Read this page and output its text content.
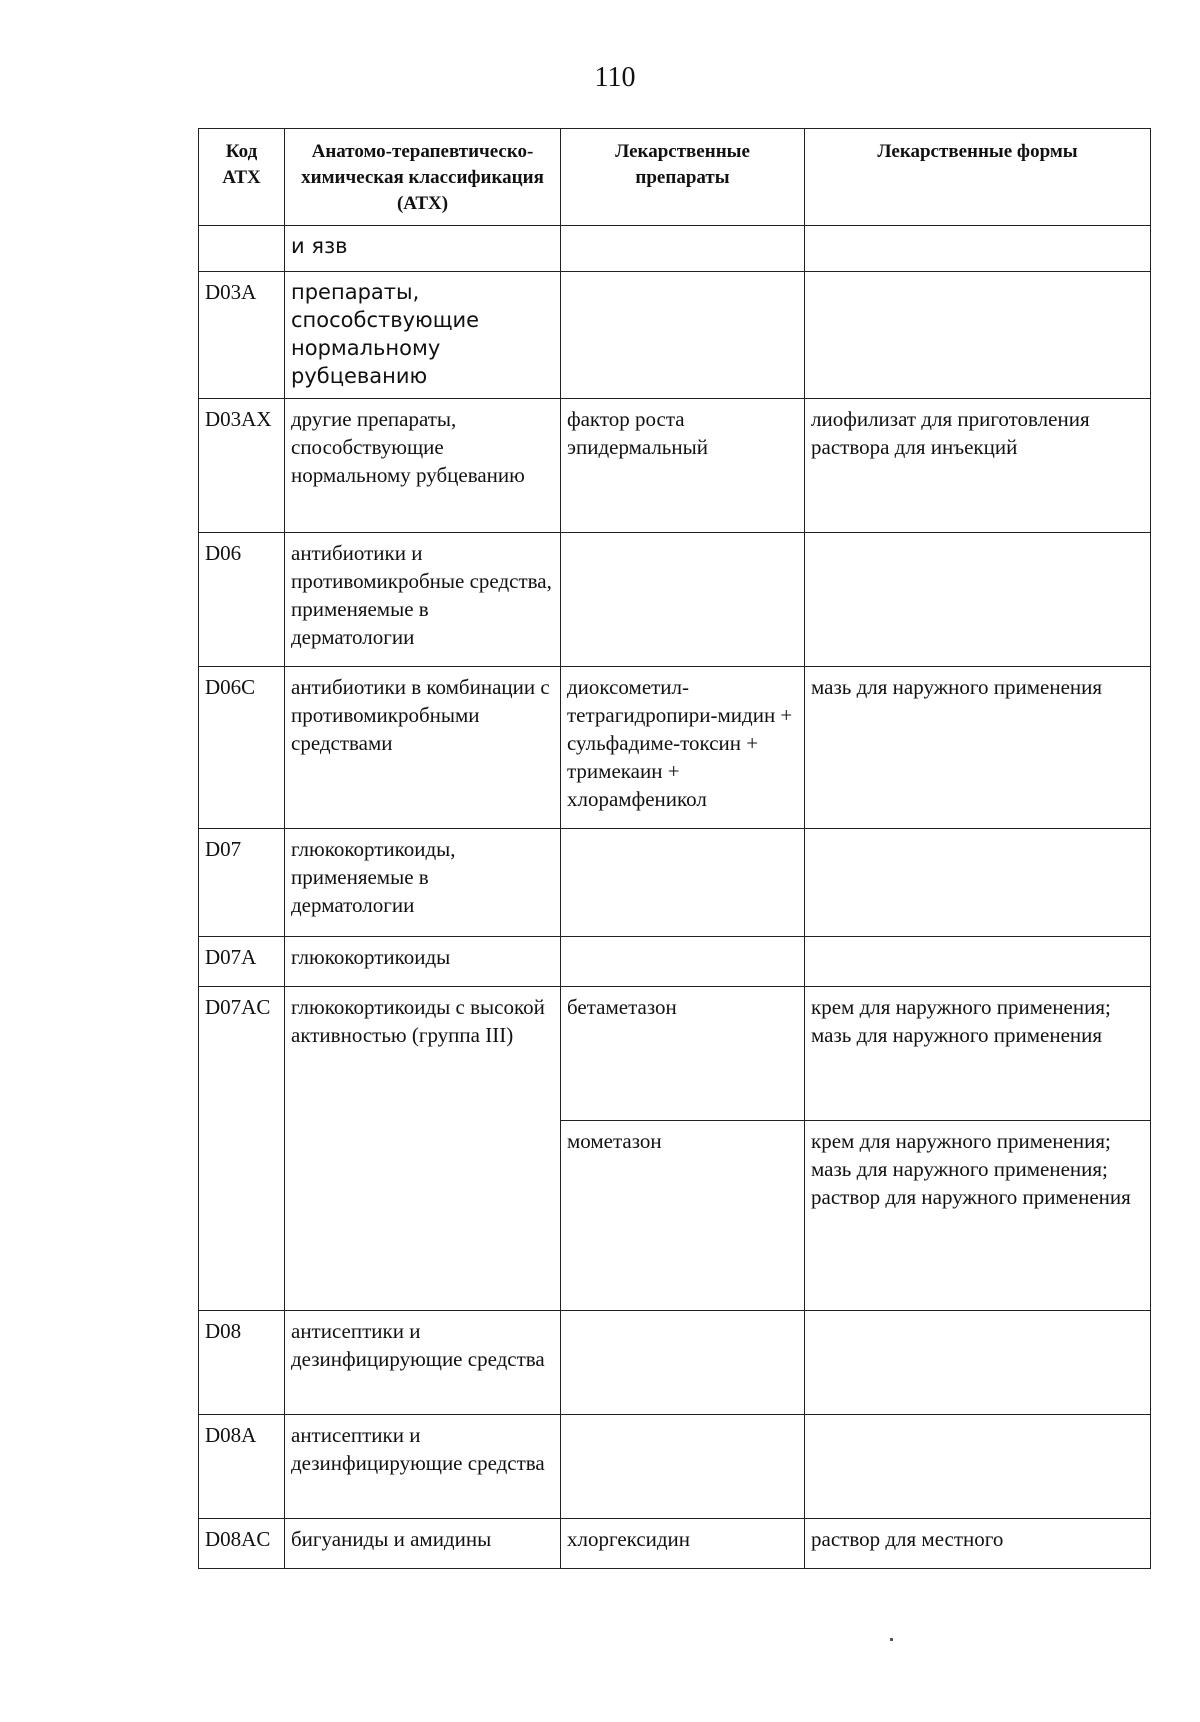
110
Код АТХ	Анатомо-терапевтическо-химическая классификация (АТХ)	Лекарственные препараты	Лекарственные формы
	и язв		
D03A	препараты, способствующие нормальному рубцеванию		
D03AX	другие препараты, способствующие нормальному рубцеванию	фактор роста эпидермальный	лиофилизат для приготовления раствора для инъекций
D06	антибиотики и противомикробные средства, применяемые в дерматологии		
D06C	антибиотики в комбинации с противомикробными средствами	диоксометил-тетрагидропири-мидин + сульфадиме-токсин + тримекаин + хлорамфеникол	мазь для наружного применения
D07	глюкокортикоиды, применяемые в дерматологии		
D07A	глюкокортикоиды		
D07AC	глюкокортикоиды с высокой активностью (группа III)	бетаметазон	крем для наружного применения; мазь для наружного применения
		мометазон	крем для наружного применения; мазь для наружного применения; раствор для наружного применения
D08	антисептики и дезинфицирующие средства		
D08A	антисептики и дезинфицирующие средства		
D08AC	бигуаниды и амидины	хлоргексидин	раствор для местного
